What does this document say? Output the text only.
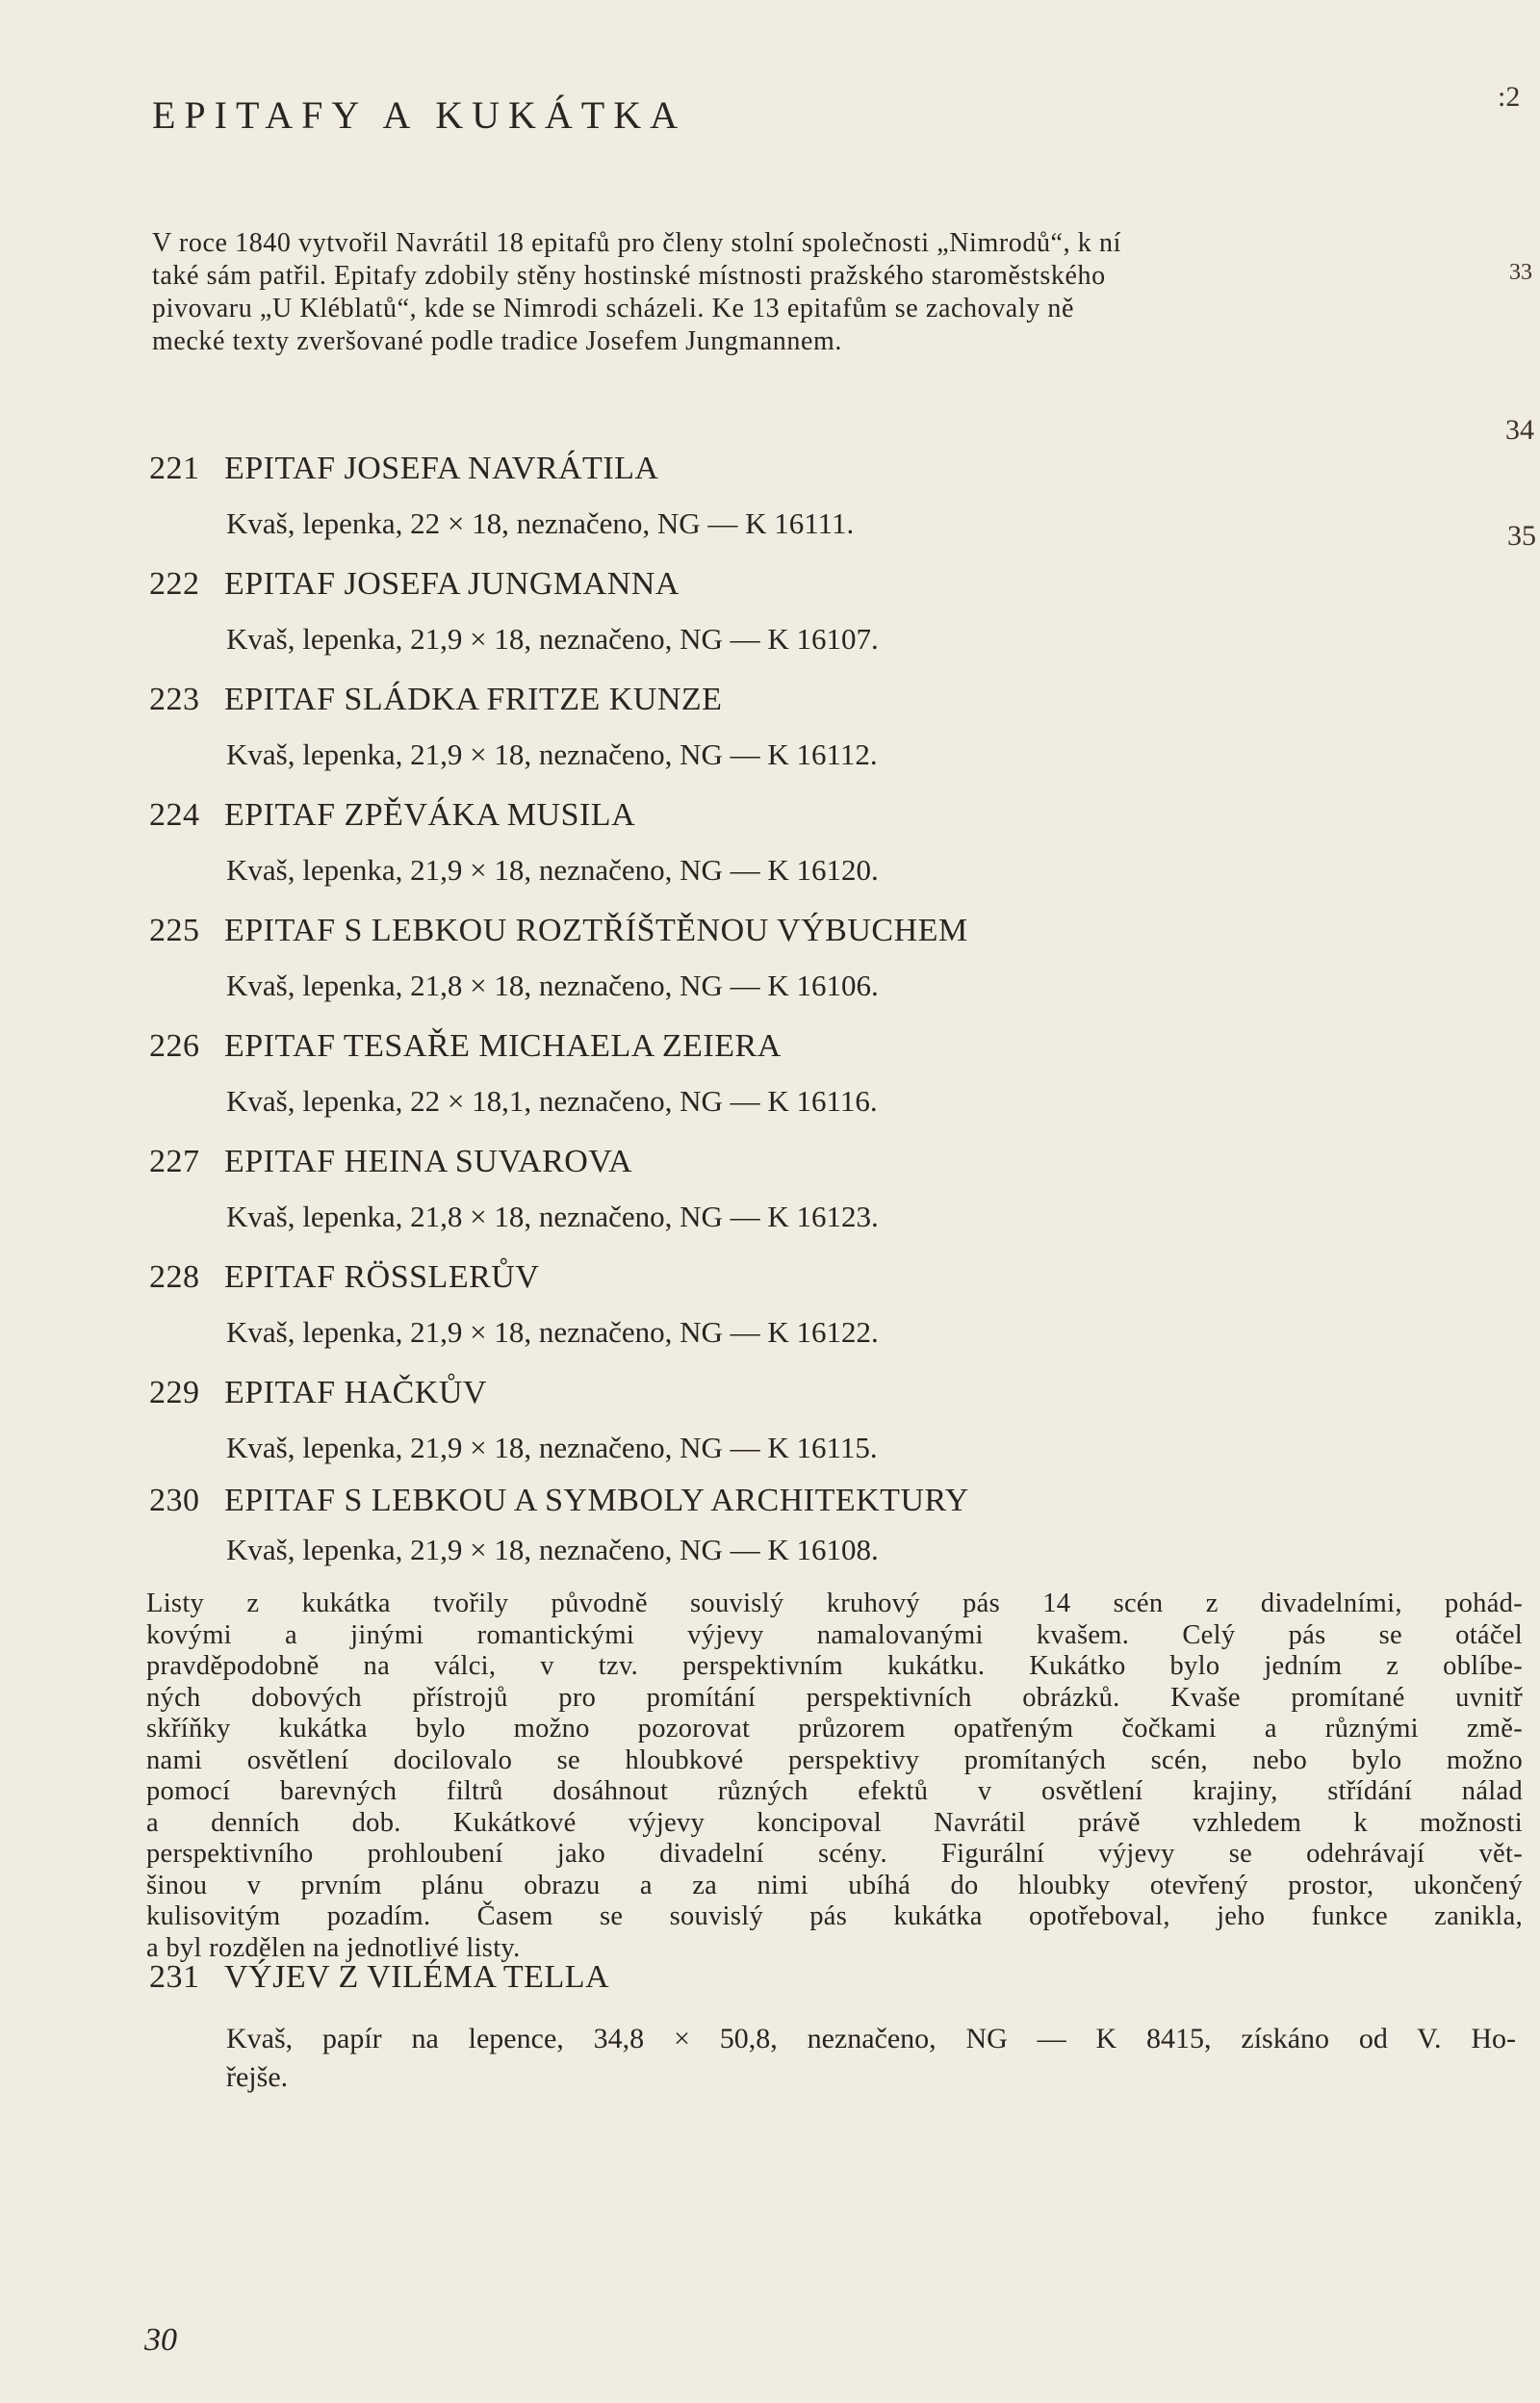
EPITAFY A KUKÁTKA	:2
33
34
35
V roce 1840 vytvořil Navrátil 18 epitafů pro členy stolní společnosti „Nimrodů“, k ní
také sám patřil. Epitafy zdobily stěny hostinské místnosti pražského staroměstského
pivovaru „U Kléblatů“, kde se Nimrodi scházeli. Ke 13 epitafům se zachovaly ně
mecké texty zveršované podle tradice Josefem Jungmannem.
221 EPITAF JOSEFA NAVRÁTILA
Kvaš, lepenka, 22 × 18, neznačeno, NG — K 16111.
222 EPITAF JOSEFA JUNGMANNA
Kvaš, lepenka, 21,9 × 18, neznačeno, NG — K 16107.
223 EPITAF SLÁDKA FRITZE KUNZE
Kvaš, lepenka, 21,9 × 18, neznačeno, NG — K 16112.
224 EPITAF ZPĚVÁKA MUSILA
Kvaš, lepenka, 21,9 × 18, neznačeno, NG — K 16120.
225 EPITAF S LEBKOU ROZTŘÍŠTĚNOU VÝBUCHEM
Kvaš, lepenka, 21,8 × 18, neznačeno, NG — K 16106.
226 EPITAF TESAŘE MICHAELA ZEIERA
Kvaš, lepenka, 22 × 18,1, neznačeno, NG — K 16116.
227 EPITAF HEINA SUVAROVA
Kvaš, lepenka, 21,8 × 18, neznačeno, NG — K 16123.
228 EPITAF RÖSSLERŮV
Kvaš, lepenka, 21,9 × 18, neznačeno, NG — K 16122.
229 EPITAF HAČKŮV
Kvaš, lepenka, 21,9 × 18, neznačeno, NG — K 16115.
230 EPITAF S LEBKOU A SYMBOLY ARCHITEKTURY
Kvaš, lepenka, 21,9 × 18, neznačeno, NG — K 16108.
Listy z kukátka tvořily původně souvislý kruhový pás 14 scén z divadelními, pohád-
kovými a jinými romantickými výjevy namalovanými kvašem. Celý pás se otáčel
pravděpodobně na válci, v tzv. perspektivním kukátku. Kukátko bylo jedním z oblíbe-
ných dobových přístrojů pro promítání perspektivních obrázků. Kvaše promítané uvnitř
skříňky kukátka bylo možno pozorovat průzorem opatřeným čočkami a různými změ-
nami osvětlení docilovalo se hloubkové perspektivy promítaných scén, nebo bylo možno
pomocí barevných filtrů dosáhnout různých efektů v osvětlení krajiny, střídání nálad
a denních dob. Kukátkové výjevy koncipoval Navrátil právě vzhledem k možnosti
perspektivního prohloubení jako divadelní scény. Figurální výjevy se odehrávají vět-
šinou v prvním plánu obrazu a za nimi ubíhá do hloubky otevřený prostor, ukončený
kulisovitým pozadím. Časem se souvislý pás kukátka opotřeboval, jeho funkce zanikla,
a byl rozdělen na jednotlivé listy.
231 VÝJEV Z VILÉMA TELLA
Kvaš, papír na lepence, 34,8 × 50,8, neznačeno, NG — K 8415, získáno od V. Ho-
řejše.
30
